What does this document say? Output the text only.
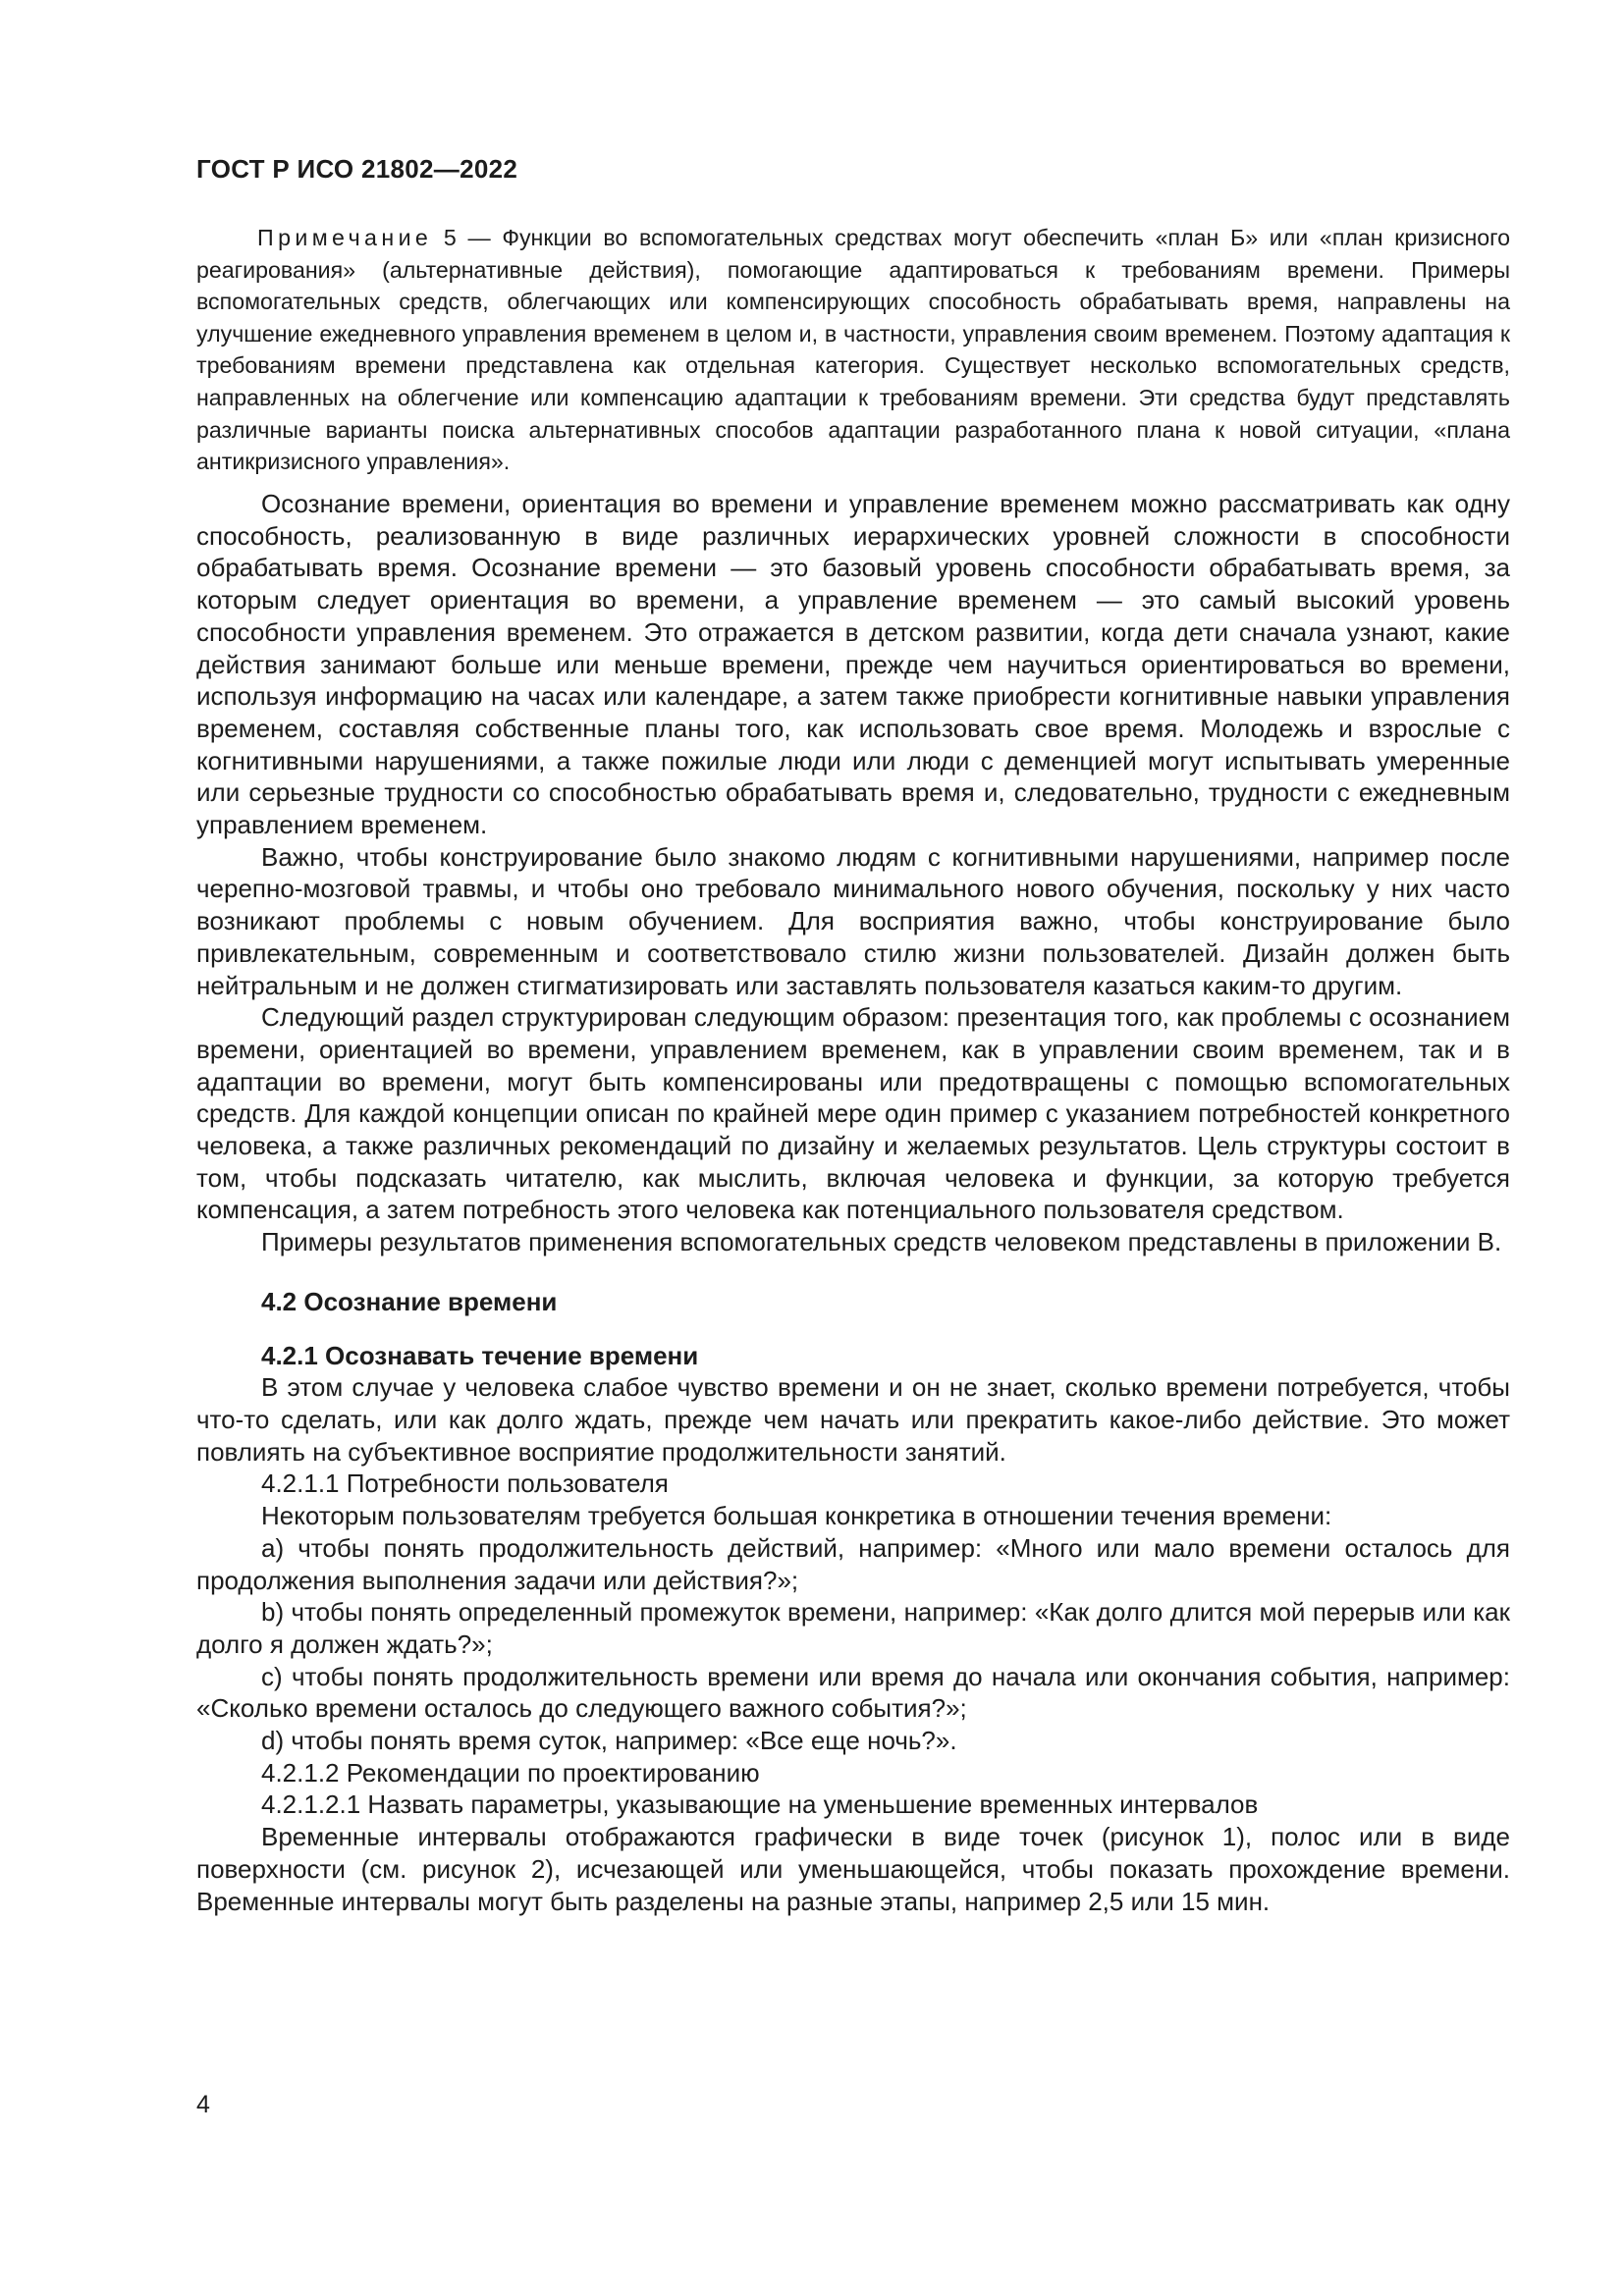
ГОСТ Р ИСО 21802—2022

Примечание 5 — Функции во вспомогательных средствах могут обеспечить «план Б» или «план кризисного реагирования» (альтернативные действия), помогающие адаптироваться к требованиям времени. Примеры вспомогательных средств, облегчающих или компенсирующих способность обрабатывать время, направлены на улучшение ежедневного управления временем в целом и, в частности, управления своим временем. Поэтому адаптация к требованиям времени представлена как отдельная категория. Существует несколько вспомогательных средств, направленных на облегчение или компенсацию адаптации к требованиям времени. Эти средства будут представлять различные варианты поиска альтернативных способов адаптации разработанного плана к новой ситуации, «плана антикризисного управления».

Осознание времени, ориентация во времени и управление временем можно рассматривать как одну способность, реализованную в виде различных иерархических уровней сложности в способности обрабатывать время. Осознание времени — это базовый уровень способности обрабатывать время, за которым следует ориентация во времени, а управление временем — это самый высокий уровень способности управления временем. Это отражается в детском развитии, когда дети сначала узнают, какие действия занимают больше или меньше времени, прежде чем научиться ориентироваться во времени, используя информацию на часах или календаре, а затем также приобрести когнитивные навыки управления временем, составляя собственные планы того, как использовать свое время. Молодежь и взрослые с когнитивными нарушениями, а также пожилые люди или люди с деменцией могут испытывать умеренные или серьезные трудности со способностью обрабатывать время и, следовательно, трудности с ежедневным управлением временем.

Важно, чтобы конструирование было знакомо людям с когнитивными нарушениями, например после черепно-мозговой травмы, и чтобы оно требовало минимального нового обучения, поскольку у них часто возникают проблемы с новым обучением. Для восприятия важно, чтобы конструирование было привлекательным, современным и соответствовало стилю жизни пользователей. Дизайн должен быть нейтральным и не должен стигматизировать или заставлять пользователя казаться каким-то другим.

Следующий раздел структурирован следующим образом: презентация того, как проблемы с осознанием времени, ориентацией во времени, управлением временем, как в управлении своим временем, так и в адаптации во времени, могут быть компенсированы или предотвращены с помощью вспомогательных средств. Для каждой концепции описан по крайней мере один пример с указанием потребностей конкретного человека, а также различных рекомендаций по дизайну и желаемых результатов. Цель структуры состоит в том, чтобы подсказать читателю, как мыслить, включая человека и функции, за которую требуется компенсация, а затем потребность этого человека как потенциального пользователя средством.

Примеры результатов применения вспомогательных средств человеком представлены в приложении В.

4.2 Осознание времени
4.2.1 Осознавать течение времени

В этом случае у человека слабое чувство времени и он не знает, сколько времени потребуется, чтобы что-то сделать, или как долго ждать, прежде чем начать или прекратить какое-либо действие. Это может повлиять на субъективное восприятие продолжительности занятий.

4.2.1.1 Потребности пользователя

Некоторым пользователям требуется большая конкретика в отношении течения времени:

а) чтобы понять продолжительность действий, например: «Много или мало времени осталось для продолжения выполнения задачи или действия?»;

b) чтобы понять определенный промежуток времени, например: «Как долго длится мой перерыв или как долго я должен ждать?»;

с) чтобы понять продолжительность времени или время до начала или окончания события, например: «Сколько времени осталось до следующего важного события?»;

d) чтобы понять время суток, например: «Все еще ночь?».

4.2.1.2 Рекомендации по проектированию

4.2.1.2.1 Назвать параметры, указывающие на уменьшение временных интервалов

Временные интервалы отображаются графически в виде точек (рисунок 1), полос или в виде поверхности (см. рисунок 2), исчезающей или уменьшающейся, чтобы показать прохождение времени. Временные интервалы могут быть разделены на разные этапы, например 2,5 или 15 мин.

4
